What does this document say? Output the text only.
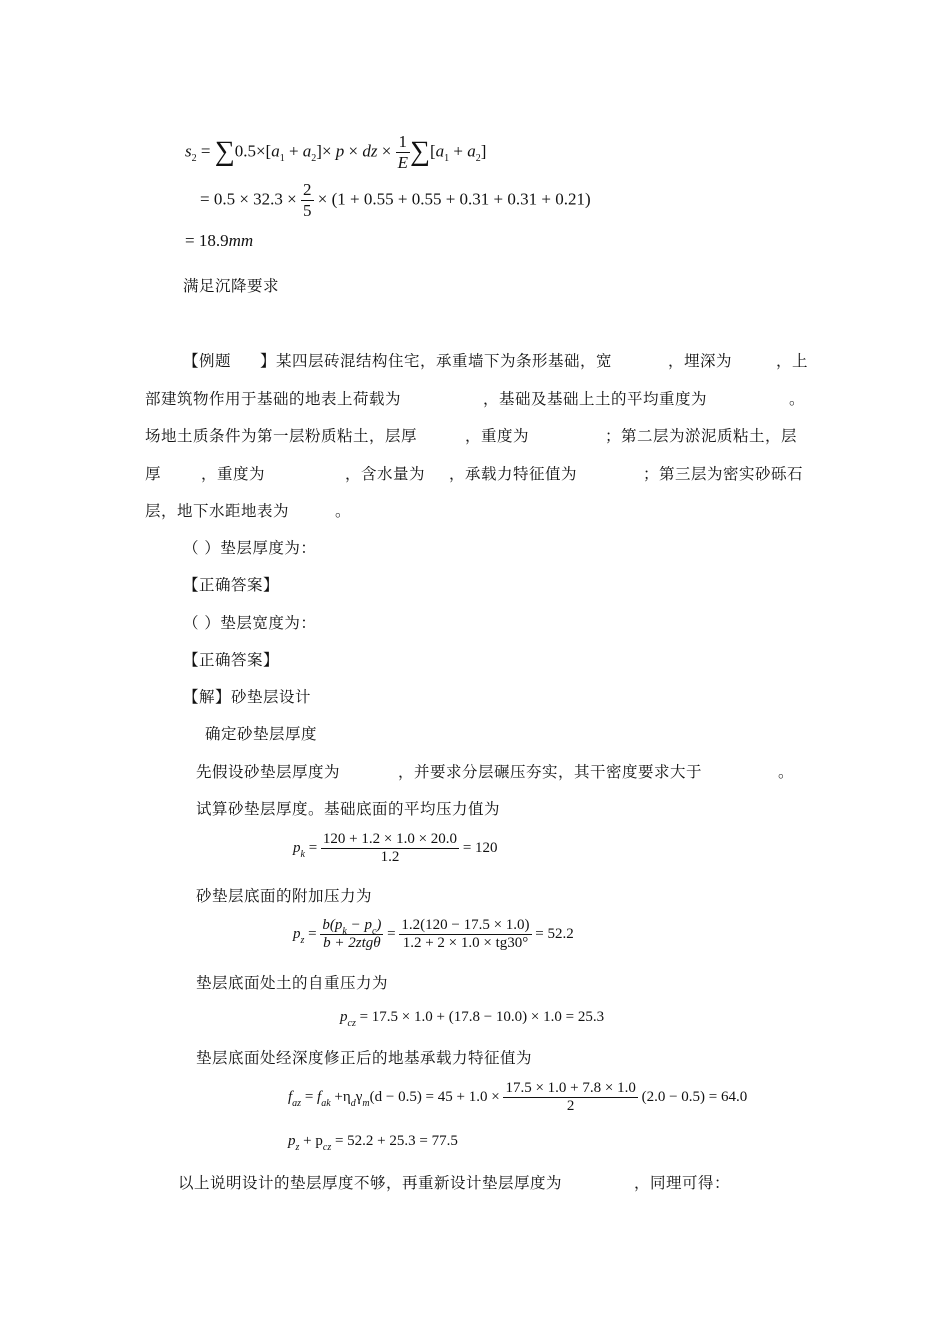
$s_2 = \sum 0.5\times[a_1 + a_2]\times p$ × dz × $\frac{1}{E} \sum[a_1 + a_2]$
= $0.5 \times 32.3 \times \frac{2}{5} \times (1 + 0.55 + 0.55 + 0.31 + 0.31 + 0.21)$
= 18.9mm
满足沉降要求
【例题 】某四层砖混结构住宅，承重墙下为条形基础，宽	，埋深为	，上
部建筑物作用于基础的地表上荷载为	，基础及基础上土的平均重度为	。
场地土质条件为第一层粉质粘土，层厚	，重度为	；第二层为淤泥质粘土，层
厚	，重度为	，含水量为 ，承载力特征值为	；第三层为密实砂砾石
层，地下水距地表为	。
（ ）垫层厚度为：
【正确答案】
（ ）垫层宽度为：
【正确答案】
【解】砂垫层设计
确定砂垫层厚度
先假设砂垫层厚度为	，并要求分层碾压夯实，其干密度要求大于	。
试算砂垫层厚度。基础底面的平均压力值为
$p_k = \frac{120 + 1.2 \times 1.0 \times 20.0}{1.2} = 120$
砂垫层底面的附加压力为
$p_z = \frac{b(p_k - p_c)}{\text{b + 2ztgθ}} = \frac{1.2(120 - 17.5 \times 1.0)}{1.2 + 2 \times 1.0 \times tg30^\circ} = 52.2$
垫层底面处土的自重压力为
$p_{cz} = 17.5 \times 1.0 + (17.8 - 10.0) \times 1.0 = 25.3$
垫层底面处经深度修正后的地基承载力特征值为
$f_{az} = f_{ak} +\eta_d\gamma_m(d - 0.5) = 45 + 1.0 \times \frac{17.5 \times 1.0 + 7.8 \times 1.0}{2} (2.0 - 0.5) = 64.0$
$p_z + p_{cz} = 52.2 + 25.3 = 77.5$
以上说明设计的垫层厚度不够，再重新设计垫层厚度为	，同理可得：
